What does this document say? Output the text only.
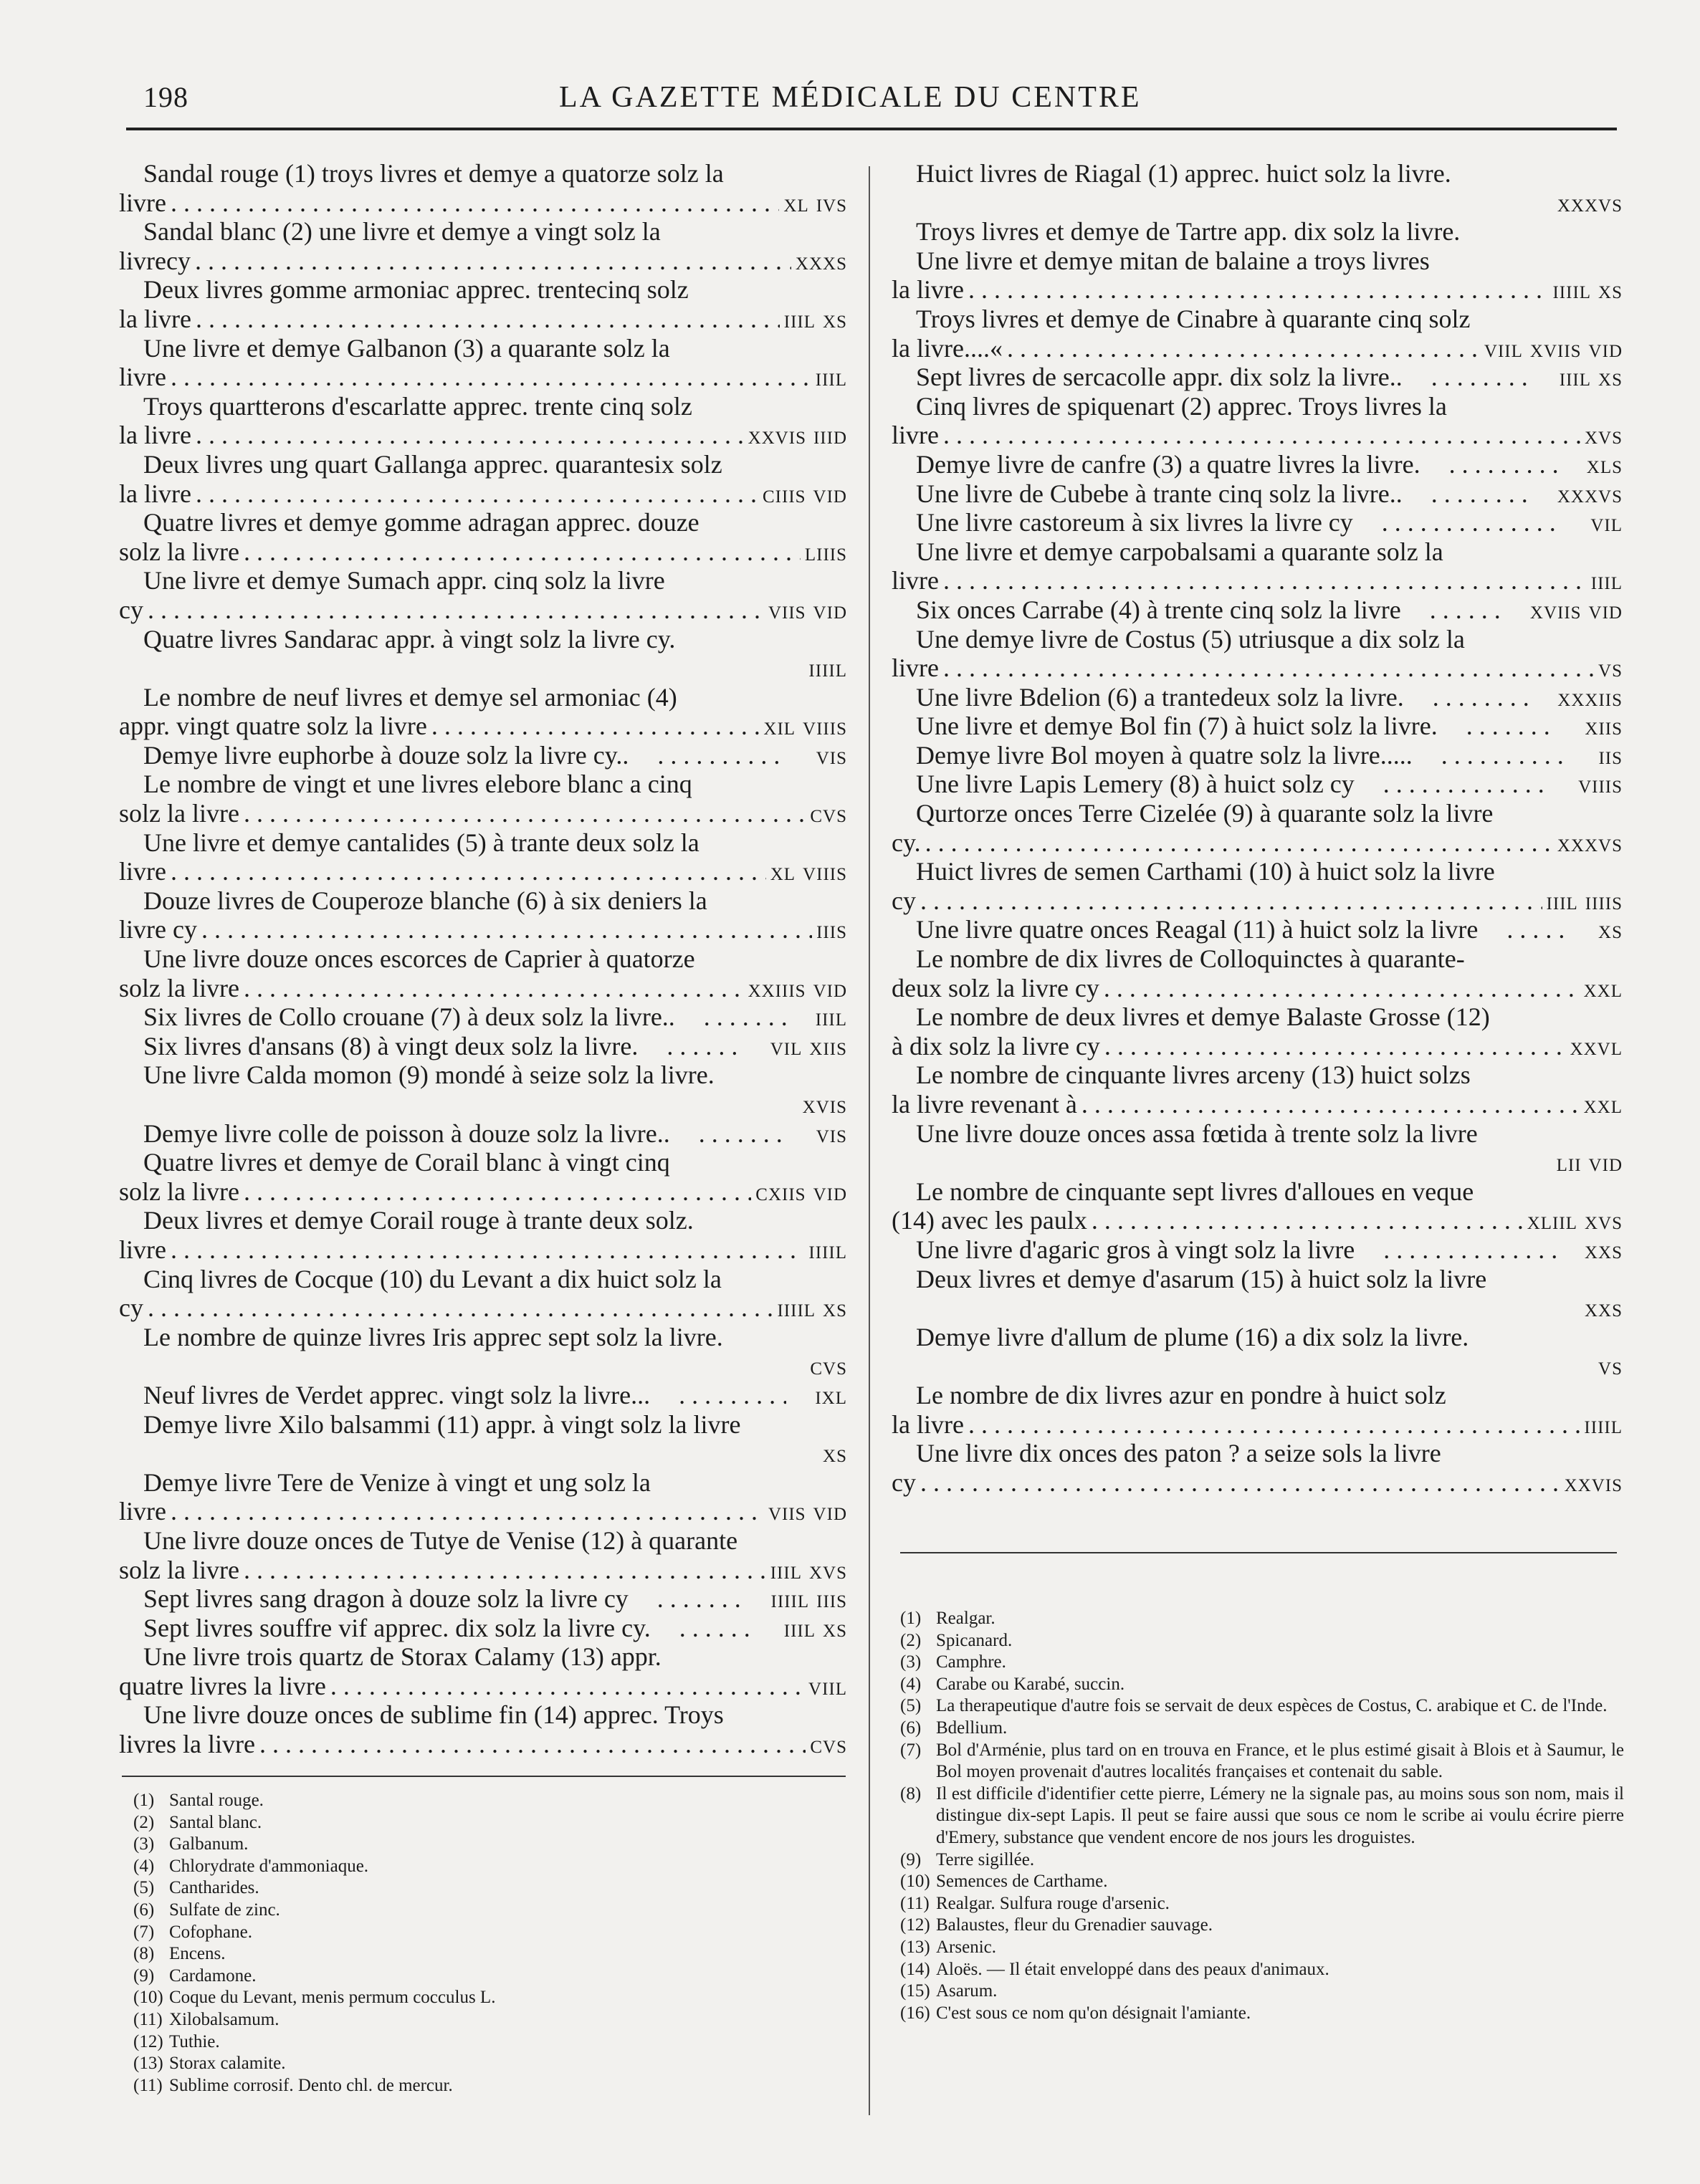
198	LA GAZETTE MÉDICALE DU CENTRE
Sandal rouge (1) troys livres et demye a quatorze solz la
livre . . .	xl ivs
Sandal blanc (2) une livre et demye a vingt solz la
livrecy . . .	xxxs
Deux livres gomme armoniac apprec. trentecinq solz
la livre . . .	iiil xs
Une livre et demye Galbanon (3) a quarante solz la
livre . . .	iiil
Troys quartterons d'escarlatte apprec. trente cinq solz
la livre . . .	xxvis iiid
Deux livres ung quart Gallanga apprec. quarantesix solz
la livre . . .	ciiis vid
Quatre livres et demye gomme adragan apprec. douze
solz la livre . . .	liiis
Une livre et demye Sumach appr. cinq solz la livre
cy . . .	viis vid
Quatre livres Sandarac appr. à vingt solz la livre cy.
iiiil
Le nombre de neuf livres et demye sel armoniac (4)
appr. vingt quatre solz la livre . . .	xil viiis
Demye livre euphorbe à douze solz la livre cy.. . . .	vis
Le nombre de vingt et une livres elebore blanc a cinq
solz la livre . . .	cvs
Une livre et demye cantalides (5) à trante deux solz la
livre . . .	xl viiis
Douze livres de Couperoze blanche (6) à six deniers la
livre cy . . .	iiis
Une livre douze onces escorces de Caprier à quatorze
solz la livre . . .	xxiiis vid
Six livres de Collo crouane (7) à deux solz la livre.. . . .	iiil
Six livres d'ansans (8) à vingt deux solz la livre. . . .	vil xiis
Une livre Calda momon (9) mondé à seize solz la livre.
xvis
Demye livre colle de poisson à douze solz la livre.. . . .	vis
Quatre livres et demye de Corail blanc à vingt cinq
solz la livre . . .	cxiis vid
Deux livres et demye Corail rouge à trante deux solz.
livre . . .	iiiil
Cinq livres de Cocque (10) du Levant a dix huict solz la
cy . . .	iiiil xs
Le nombre de quinze livres Iris apprec sept solz la livre.
cvs
Neuf livres de Verdet apprec. vingt solz la livre... . . .	ixl
Demye livre Xilo balsammi (11) appr. à vingt solz la livre
xs
Demye livre Tere de Venize à vingt et ung solz la
livre . . .	viis vid
Une livre douze onces de Tutye de Venise (12) à quarante
solz la livre . . .	iiil xvs
Sept livres sang dragon à douze solz la livre cy . . .	iiiil iiis
Sept livres souffre vif apprec. dix solz la livre cy. . . .	iiil xs
Une livre trois quartz de Storax Calamy (13) appr.
quatre livres la livre . . .	viil
Une livre douze onces de sublime fin (14) apprec. Troys
livres la livre . . .	cvs
Huict livres de Riagal (1) apprec. huict solz la livre.
xxxvs
Troys livres et demye de Tartre app. dix solz la livre.
Une livre et demye mitan de balaine a troys livres
la livre . . .	iiiil xs
Troys livres et demye de Cinabre à quarante cinq solz
la livre....« . . .	viil xviis vid
Sept livres de sercacolle appr. dix solz la livre.. . . .	iiil xs
Cinq livres de spiquenart (2) apprec. Troys livres la
livre . . .	xvs
Demye livre de canfre (3) a quatre livres la livre. . . .	xls
Une livre de Cubebe à trante cinq solz la livre.. . . .	xxxvs
Une livre castoreum à six livres la livre cy . . .	vil
Une livre et demye carpobalsami a quarante solz la
livre . . .	iiil
Six onces Carrabe (4) à trente cinq solz la livre . . .	xviis vid
Une demye livre de Costus (5) utriusque a dix solz la
livre . . .	vs
Une livre Bdelion (6) a trantedeux solz la livre. . . .	xxxiis
Une livre et demye Bol fin (7) à huict solz la livre. . . .	xiis
Demye livre Bol moyen à quatre solz la livre..... . . .	iis
Une livre Lapis Lemery (8) à huict solz cy . . .	viiis
Qurtorze onces Terre Cizelée (9) à quarante solz la livre
cy. . . .	xxxvs
Huict livres de semen Carthami (10) à huict solz la livre
cy . . .	iiil iiiis
Une livre quatre onces Reagal (11) à huict solz la livre . . .	xs
Le nombre de dix livres de Colloquinctes à quarante-
deux solz la livre cy . . .	xxl
Le nombre de deux livres et demye Balaste Grosse (12)
à dix solz la livre cy . . .	xxvl
Le nombre de cinquante livres arceny (13) huict solzs
la livre revenant à . . .	xxl
Une livre douze onces assa fœtida à trente solz la livre
lii vid
Le nombre de cinquante sept livres d'alloues en veque
(14) avec les paulx . . .	xliil xvs
Une livre d'agaric gros à vingt solz la livre . . .	xxs
Deux livres et demye d'asarum (15) à huict solz la livre
xxs
Demye livre d'allum de plume (16) a dix solz la livre.
vs
Le nombre de dix livres azur en pondre à huict solz
la livre . . .	iiiil
Une livre dix onces des paton ? a seize sols la livre
cy . . .	xxvis
(1) Santal rouge.
(2) Santal blanc.
(3) Galbanum.
(4) Chlorydrate d'ammoniaque.
(5) Cantharides.
(6) Sulfate de zinc.
(7) Cofophane.
(8) Encens.
(9) Cardamone.
(10) Coque du Levant, menis permum cocculus L.
(11) Xilobalsamum.
(12) Tuthie.
(13) Storax calamite.
(11) Sublime corrosif. Dento chl. de mercur.
(1) Realgar.
(2) Spicanard.
(3) Camphre.
(4) Carabe ou Karabé, succin.
(5) La therapeutique d'autre fois se servait de deux espèces de Costus, C. arabique et C. de l'Inde.
(6) Bdellium.
(7) Bol d'Arménie, plus tard on en trouva en France, et le plus estimé gisait à Blois et à Saumur, le Bol moyen provenait d'autres localités françaises et contenait du sable.
(8) Il est difficile d'identifier cette pierre, Lémery ne la signale pas, au moins sous son nom, mais il distingue dix-sept Lapis. Il peut se faire aussi que sous ce nom le scribe ai voulu écrire pierre d'Emery, substance que vendent encore de nos jours les droguistes.
(9) Terre sigillée.
(10) Semences de Carthame.
(11) Realgar. Sulfura rouge d'arsenic.
(12) Balaustes, fleur du Grenadier sauvage.
(13) Arsenic.
(14) Aloës. — Il était enveloppé dans des peaux d'animaux.
(15) Asarum.
(16) C'est sous ce nom qu'on désignait l'amiante.
